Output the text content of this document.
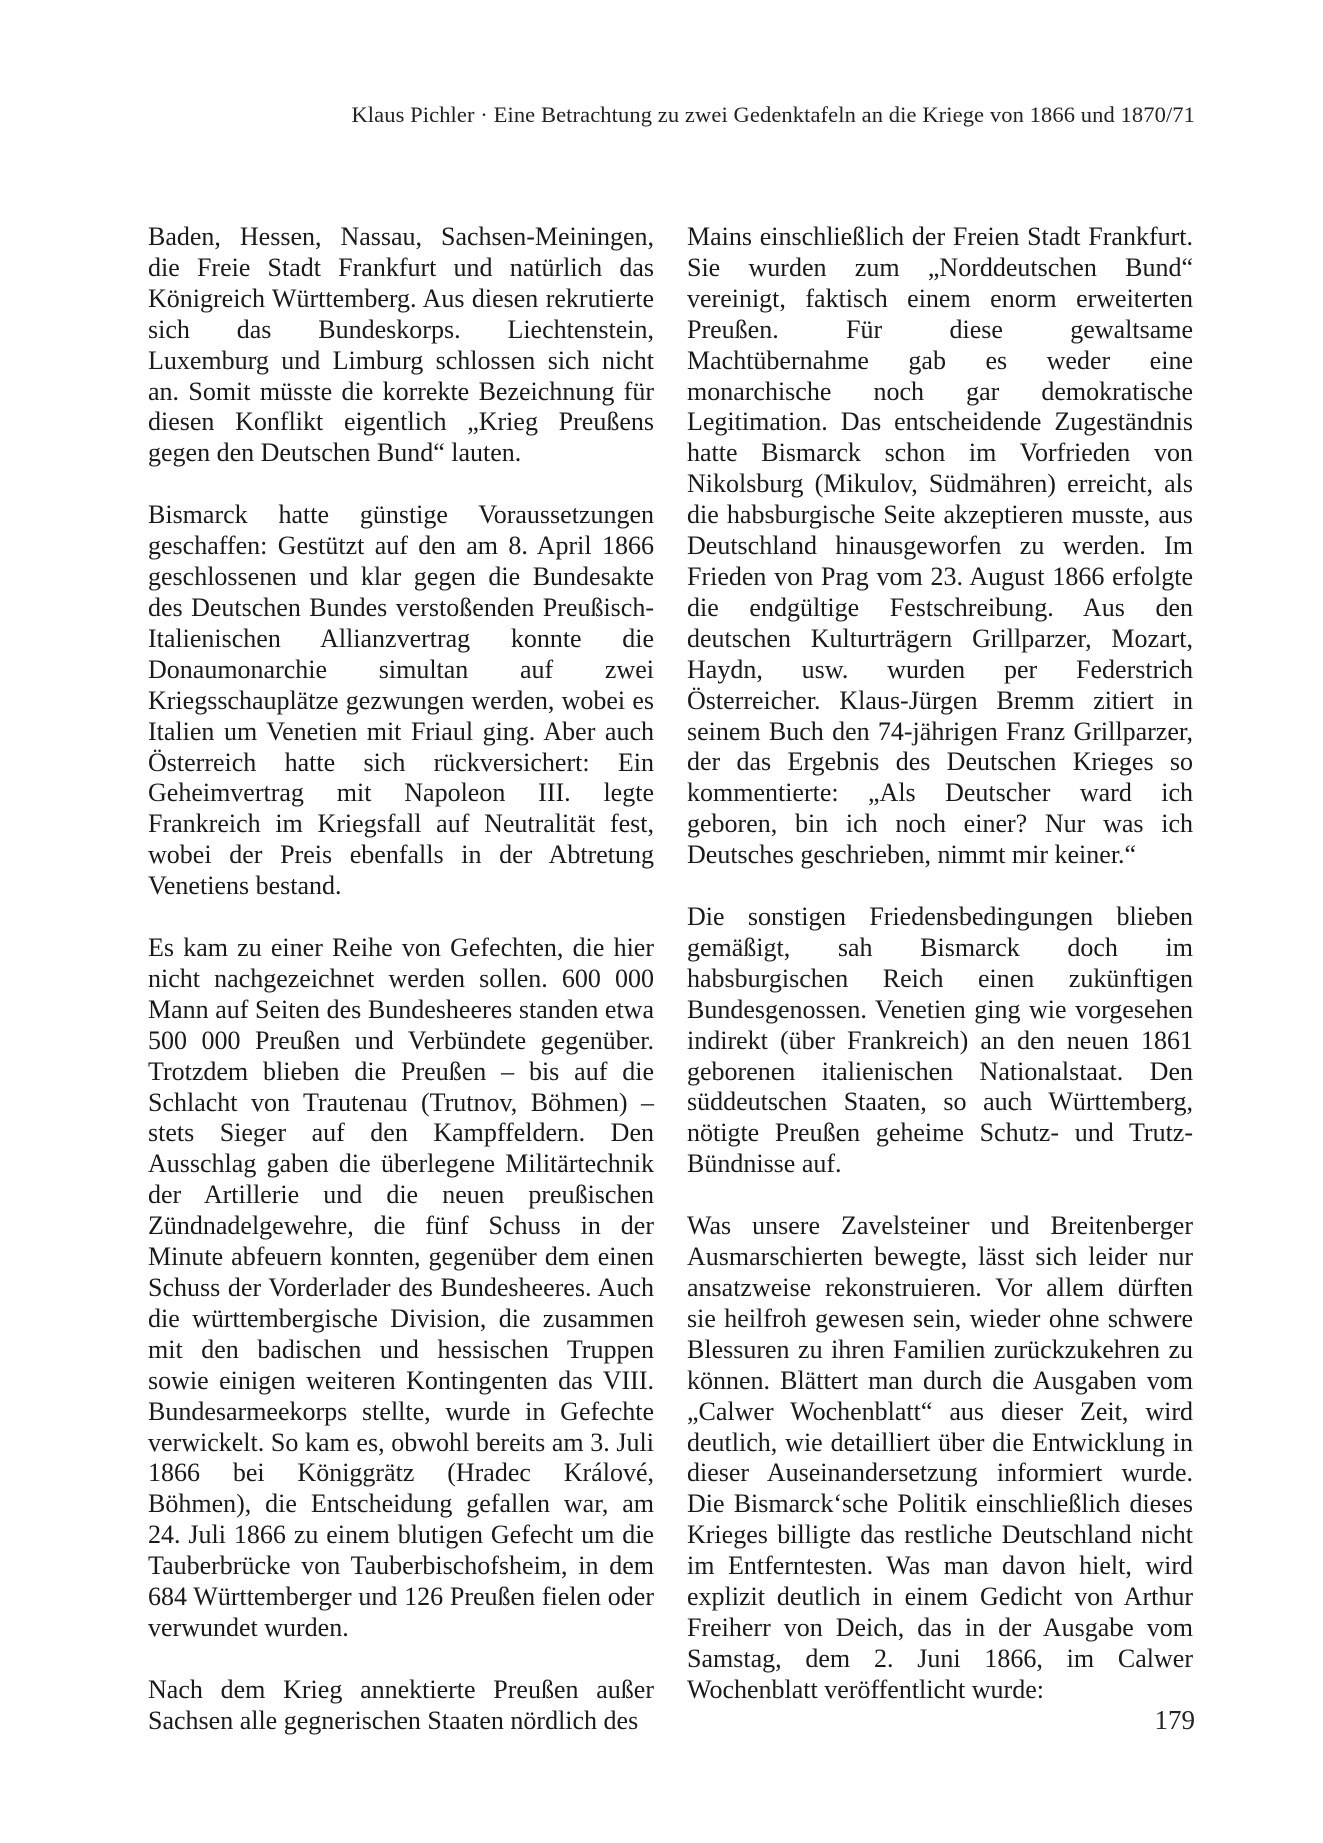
Klaus Pichler · Eine Betrachtung zu zwei Gedenktafeln an die Kriege von 1866 und 1870/71

Baden, Hessen, Nassau, Sachsen-Meiningen, die Freie Stadt Frankfurt und natürlich das Königreich Württemberg. Aus diesen rekrutierte sich das Bundeskorps. Liechtenstein, Luxemburg und Limburg schlossen sich nicht an. Somit müsste die korrekte Bezeichnung für diesen Konflikt eigentlich „Krieg Preußens gegen den Deutschen Bund“ lauten.

Bismarck hatte günstige Voraussetzungen geschaffen: Gestützt auf den am 8. April 1866 geschlossenen und klar gegen die Bundesakte des Deutschen Bundes verstoßenden Preußisch-Italienischen Allianzvertrag konnte die Donaumonarchie simultan auf zwei Kriegsschauplätze gezwungen werden, wobei es Italien um Venetien mit Friaul ging. Aber auch Österreich hatte sich rückversichert: Ein Geheimvertrag mit Napoleon III. legte Frankreich im Kriegsfall auf Neutralität fest, wobei der Preis ebenfalls in der Abtretung Venetiens bestand.

Es kam zu einer Reihe von Gefechten, die hier nicht nachgezeichnet werden sollen. 600 000 Mann auf Seiten des Bundesheeres standen etwa 500 000 Preußen und Verbündete gegenüber. Trotzdem blieben die Preußen – bis auf die Schlacht von Trautenau (Trutnov, Böhmen) – stets Sieger auf den Kampffeldern. Den Ausschlag gaben die überlegene Militärtechnik der Artillerie und die neuen preußischen Zündnadelgewehre, die fünf Schuss in der Minute abfeuern konnten, gegenüber dem einen Schuss der Vorderlader des Bundesheeres. Auch die württembergische Division, die zusammen mit den badischen und hessischen Truppen sowie einigen weiteren Kontingenten das VIII. Bundesarmeekorps stellte, wurde in Gefechte verwickelt. So kam es, obwohl bereits am 3. Juli 1866 bei Königgrätz (Hradec Králové, Böhmen), die Entscheidung gefallen war, am 24. Juli 1866 zu einem blutigen Gefecht um die Tauberbrücke von Tauberbischofsheim, in dem 684 Württemberger und 126 Preußen fielen oder verwundet wurden.

Nach dem Krieg annektierte Preußen außer Sachsen alle gegnerischen Staaten nördlich des

Mains einschließlich der Freien Stadt Frankfurt. Sie wurden zum „Norddeutschen Bund“ vereinigt, faktisch einem enorm erweiterten Preußen. Für diese gewaltsame Machtübernahme gab es weder eine monarchische noch gar demokratische Legitimation. Das entscheidende Zugeständnis hatte Bismarck schon im Vorfrieden von Nikolsburg (Mikulov, Südmähren) erreicht, als die habsburgische Seite akzeptieren musste, aus Deutschland hinausgeworfen zu werden. Im Frieden von Prag vom 23. August 1866 erfolgte die endgültige Festschreibung. Aus den deutschen Kulturträgern Grillparzer, Mozart, Haydn, usw. wurden per Federstrich Österreicher. Klaus-Jürgen Bremm zitiert in seinem Buch den 74-jährigen Franz Grillparzer, der das Ergebnis des Deutschen Krieges so kommentierte: „Als Deutscher ward ich geboren, bin ich noch einer? Nur was ich Deutsches geschrieben, nimmt mir keiner.“

Die sonstigen Friedensbedingungen blieben gemäßigt, sah Bismarck doch im habsburgischen Reich einen zukünftigen Bundesgenossen. Venetien ging wie vorgesehen indirekt (über Frankreich) an den neuen 1861 geborenen italienischen Nationalstaat. Den süddeutschen Staaten, so auch Württemberg, nötigte Preußen geheime Schutz- und Trutz-Bündnisse auf.

Was unsere Zavelsteiner und Breitenberger Ausmarschierten bewegte, lässt sich leider nur ansatzweise rekonstruieren. Vor allem dürften sie heilfroh gewesen sein, wieder ohne schwere Blessuren zu ihren Familien zurückzukehren zu können. Blättert man durch die Ausgaben vom „Calwer Wochenblatt“ aus dieser Zeit, wird deutlich, wie detailliert über die Entwicklung in dieser Auseinandersetzung informiert wurde. Die Bismarck‘sche Politik einschließlich dieses Krieges billigte das restliche Deutschland nicht im Entferntesten. Was man davon hielt, wird explizit deutlich in einem Gedicht von Arthur Freiherr von Deich, das in der Ausgabe vom Samstag, dem 2. Juni 1866, im Calwer Wochenblatt veröffentlicht wurde:

179
